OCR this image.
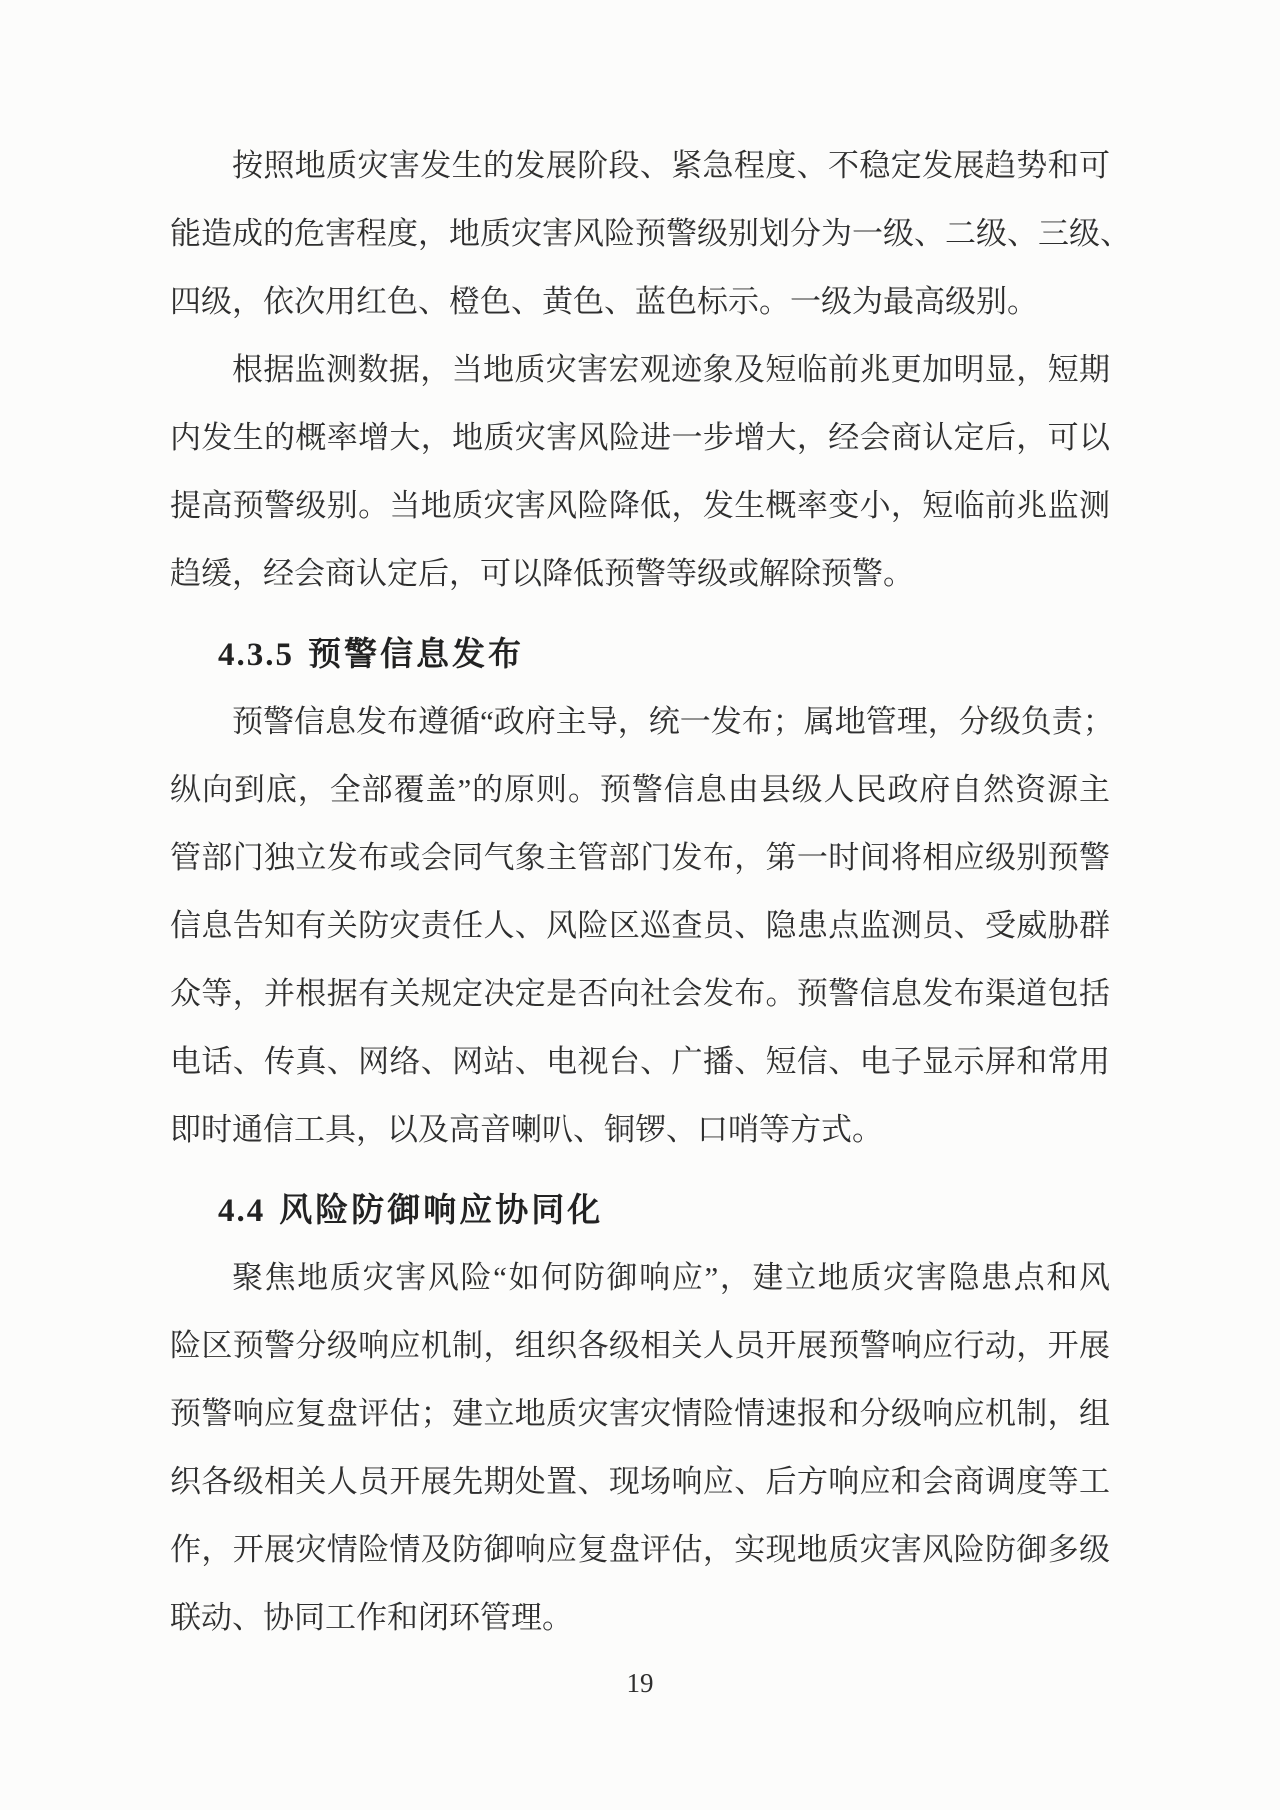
按照地质灾害发生的发展阶段、紧急程度、不稳定发展趋势和可
能造成的危害程度，地质灾害风险预警级别划分为一级、二级、三级、
四级，依次用红色、橙色、黄色、蓝色标示。一级为最高级别。
根据监测数据，当地质灾害宏观迹象及短临前兆更加明显，短期
内发生的概率增大，地质灾害风险进一步增大，经会商认定后，可以
提高预警级别。当地质灾害风险降低，发生概率变小，短临前兆监测
趋缓，经会商认定后，可以降低预警等级或解除预警。
4.3.5 预警信息发布
预警信息发布遵循“政府主导，统一发布；属地管理，分级负责；
纵向到底，全部覆盖”的原则。预警信息由县级人民政府自然资源主
管部门独立发布或会同气象主管部门发布，第一时间将相应级别预警
信息告知有关防灾责任人、风险区巡查员、隐患点监测员、受威胁群
众等，并根据有关规定决定是否向社会发布。预警信息发布渠道包括
电话、传真、网络、网站、电视台、广播、短信、电子显示屏和常用
即时通信工具，以及高音喇叭、铜锣、口哨等方式。
4.4 风险防御响应协同化
聚焦地质灾害风险“如何防御响应”，建立地质灾害隐患点和风
险区预警分级响应机制，组织各级相关人员开展预警响应行动，开展
预警响应复盘评估；建立地质灾害灾情险情速报和分级响应机制，组
织各级相关人员开展先期处置、现场响应、后方响应和会商调度等工
作，开展灾情险情及防御响应复盘评估，实现地质灾害风险防御多级
联动、协同工作和闭环管理。
19
